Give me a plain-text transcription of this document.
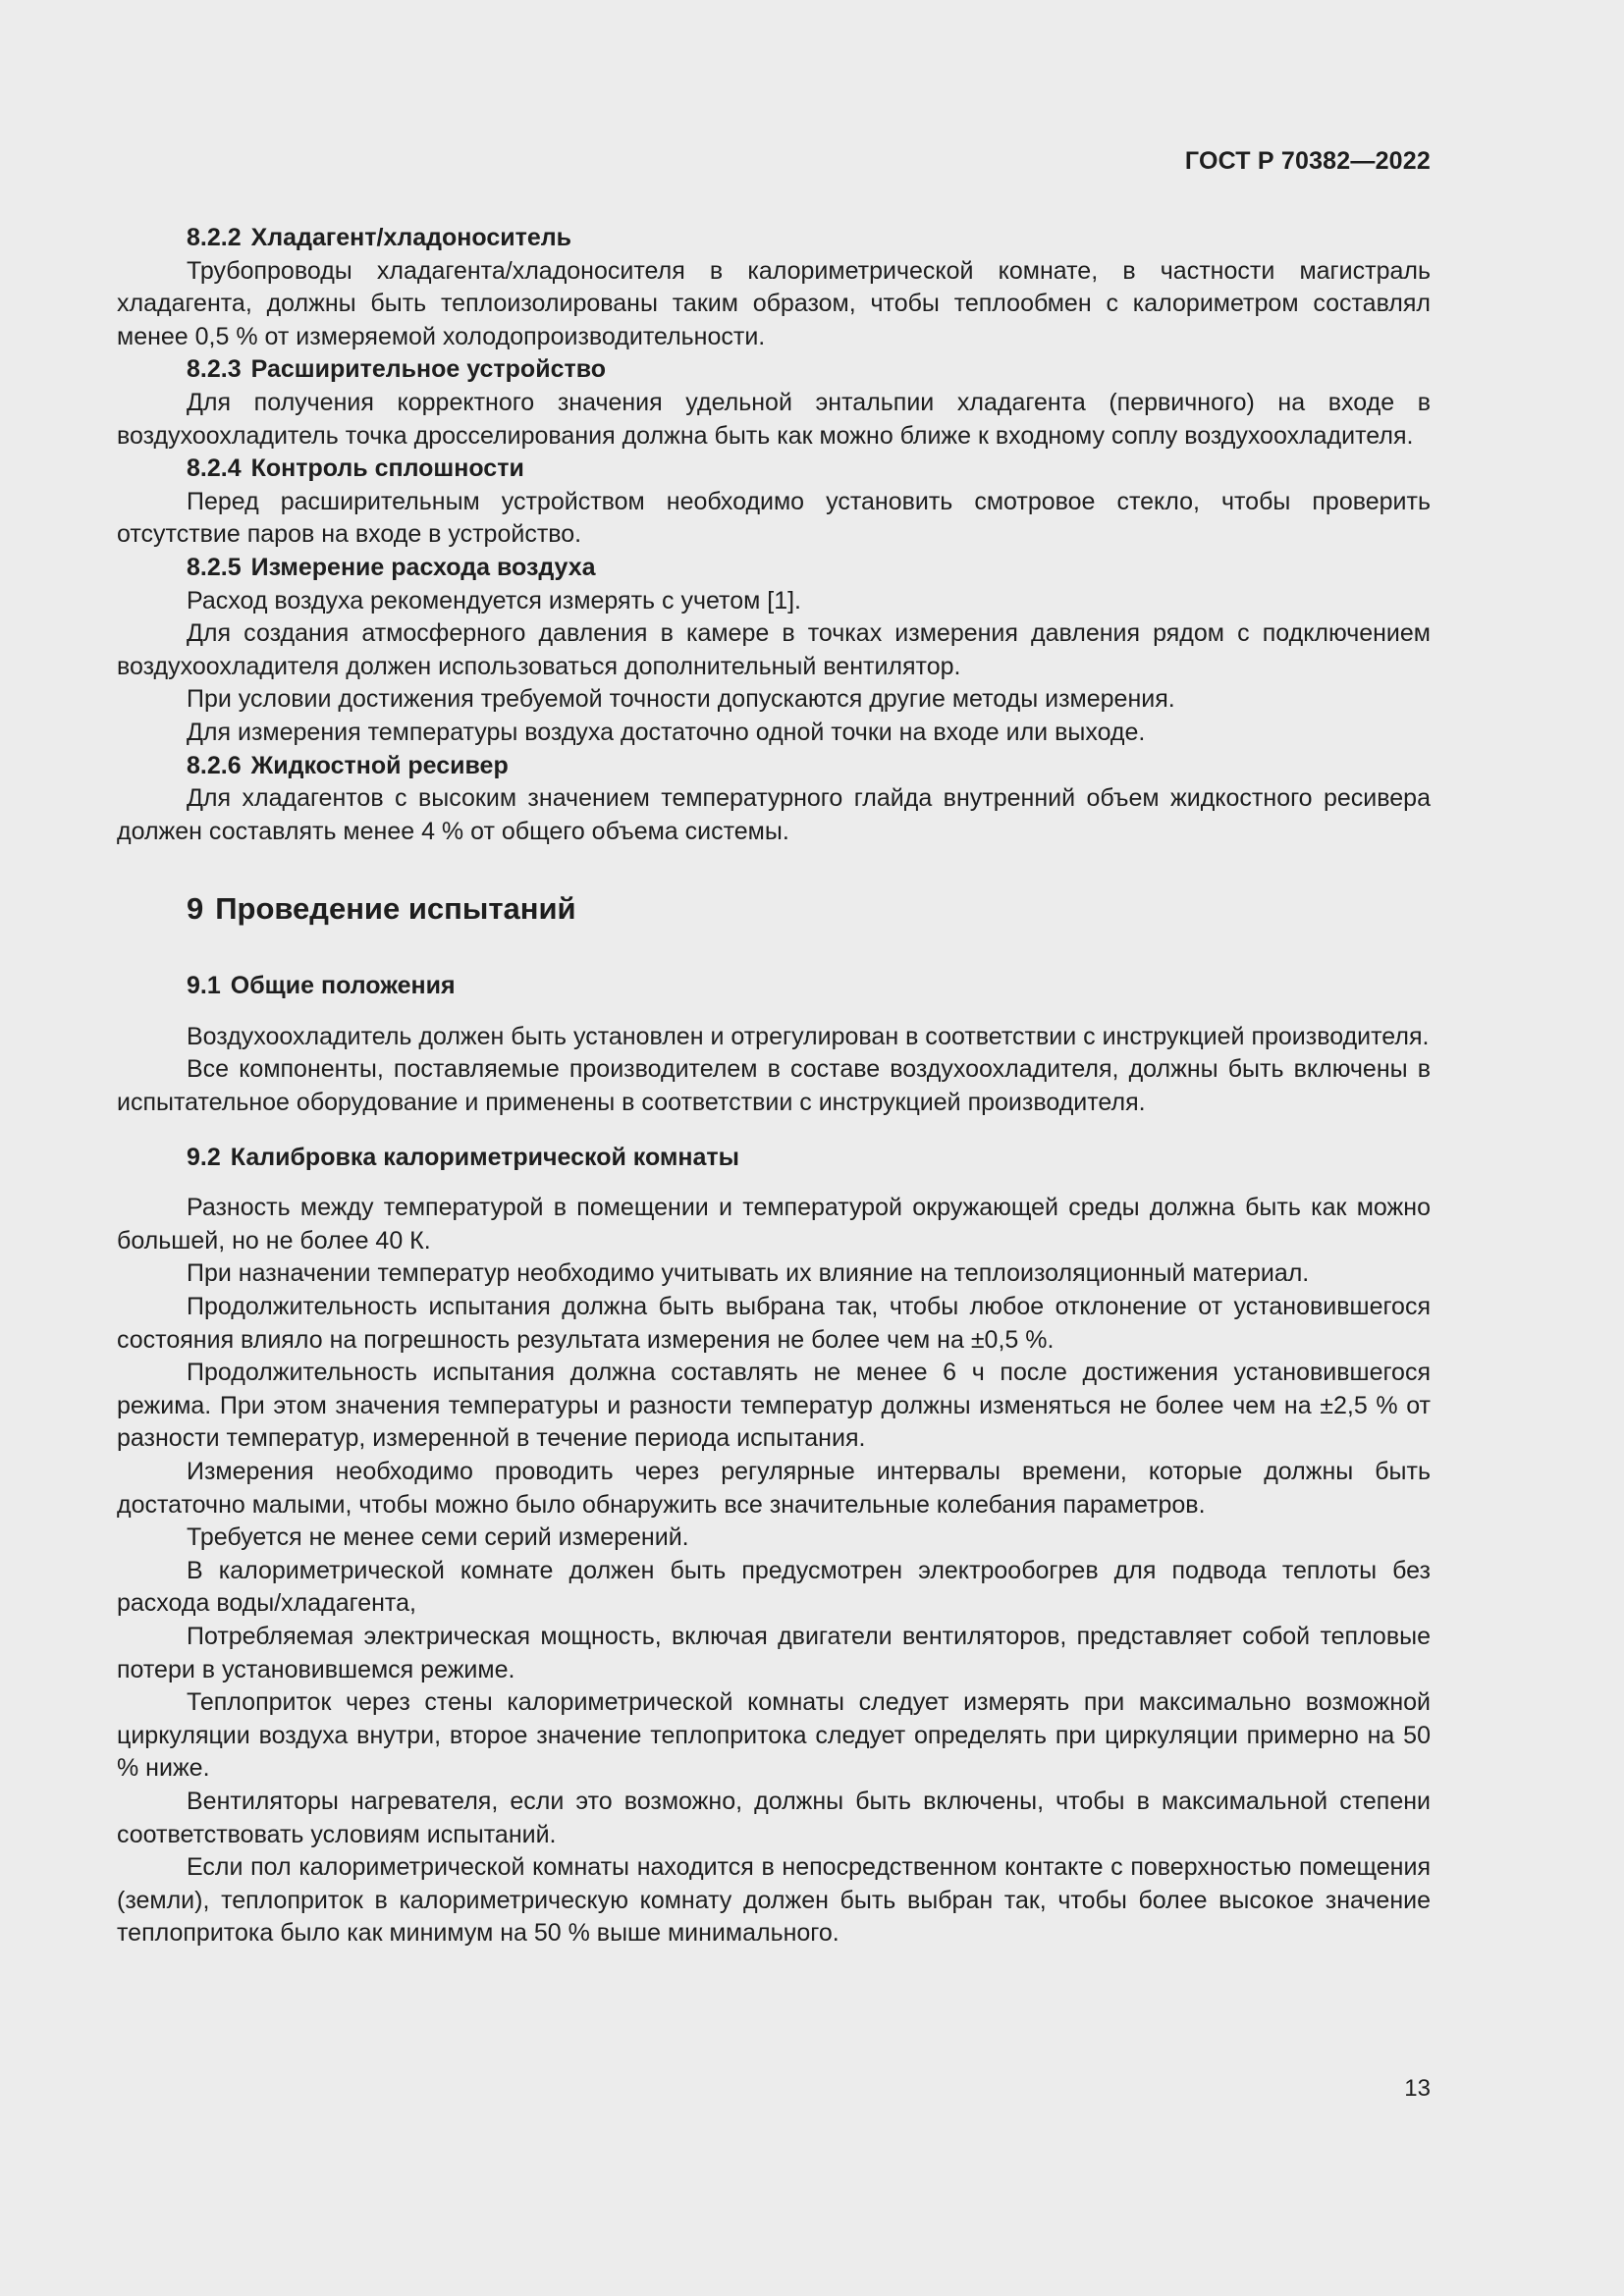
ГОСТ Р 70382—2022

8.2.2 Хладагент/хладоноситель

Трубопроводы хладагента/хладоносителя в калориметрической комнате, в частности магистраль хладагента, должны быть теплоизолированы таким образом, чтобы теплообмен с калориметром составлял менее 0,5 % от измеряемой холодопроизводительности.

8.2.3 Расширительное устройство

Для получения корректного значения удельной энтальпии хладагента (первичного) на входе в воздухоохладитель точка дросселирования должна быть как можно ближе к входному соплу воздухоохладителя.

8.2.4 Контроль сплошности

Перед расширительным устройством необходимо установить смотровое стекло, чтобы проверить отсутствие паров на входе в устройство.

8.2.5 Измерение расхода воздуха

Расход воздуха рекомендуется измерять с учетом [1].

Для создания атмосферного давления в камере в точках измерения давления рядом с подключением воздухоохладителя должен использоваться дополнительный вентилятор.

При условии достижения требуемой точности допускаются другие методы измерения.

Для измерения температуры воздуха достаточно одной точки на входе или выходе.

8.2.6 Жидкостной ресивер

Для хладагентов с высоким значением температурного глайда внутренний объем жидкостного ресивера должен составлять менее 4 % от общего объема системы.

9 Проведение испытаний

9.1 Общие положения

Воздухоохладитель должен быть установлен и отрегулирован в соответствии с инструкцией производителя.

Все компоненты, поставляемые производителем в составе воздухоохладителя, должны быть включены в испытательное оборудование и применены в соответствии с инструкцией производителя.

9.2 Калибровка калориметрической комнаты

Разность между температурой в помещении и температурой окружающей среды должна быть как можно большей, но не более 40 К.

При назначении температур необходимо учитывать их влияние на теплоизоляционный материал.

Продолжительность испытания должна быть выбрана так, чтобы любое отклонение от установившегося состояния влияло на погрешность результата измерения не более чем на ±0,5 %.

Продолжительность испытания должна составлять не менее 6 ч после достижения установившегося режима. При этом значения температуры и разности температур должны изменяться не более чем на ±2,5 % от разности температур, измеренной в течение периода испытания.

Измерения необходимо проводить через регулярные интервалы времени, которые должны быть достаточно малыми, чтобы можно было обнаружить все значительные колебания параметров.

Требуется не менее семи серий измерений.

В калориметрической комнате должен быть предусмотрен электрообогрев для подвода теплоты без расхода воды/хладагента,

Потребляемая электрическая мощность, включая двигатели вентиляторов, представляет собой тепловые потери в установившемся режиме.

Теплоприток через стены калориметрической комнаты следует измерять при максимально возможной циркуляции воздуха внутри, второе значение теплопритока следует определять при циркуляции примерно на 50 % ниже.

Вентиляторы нагревателя, если это возможно, должны быть включены, чтобы в максимальной степени соответствовать условиям испытаний.

Если пол калориметрической комнаты находится в непосредственном контакте с поверхностью помещения (земли), теплоприток в калориметрическую комнату должен быть выбран так, чтобы более высокое значение теплопритока было как минимум на 50 % выше минимального.

13
